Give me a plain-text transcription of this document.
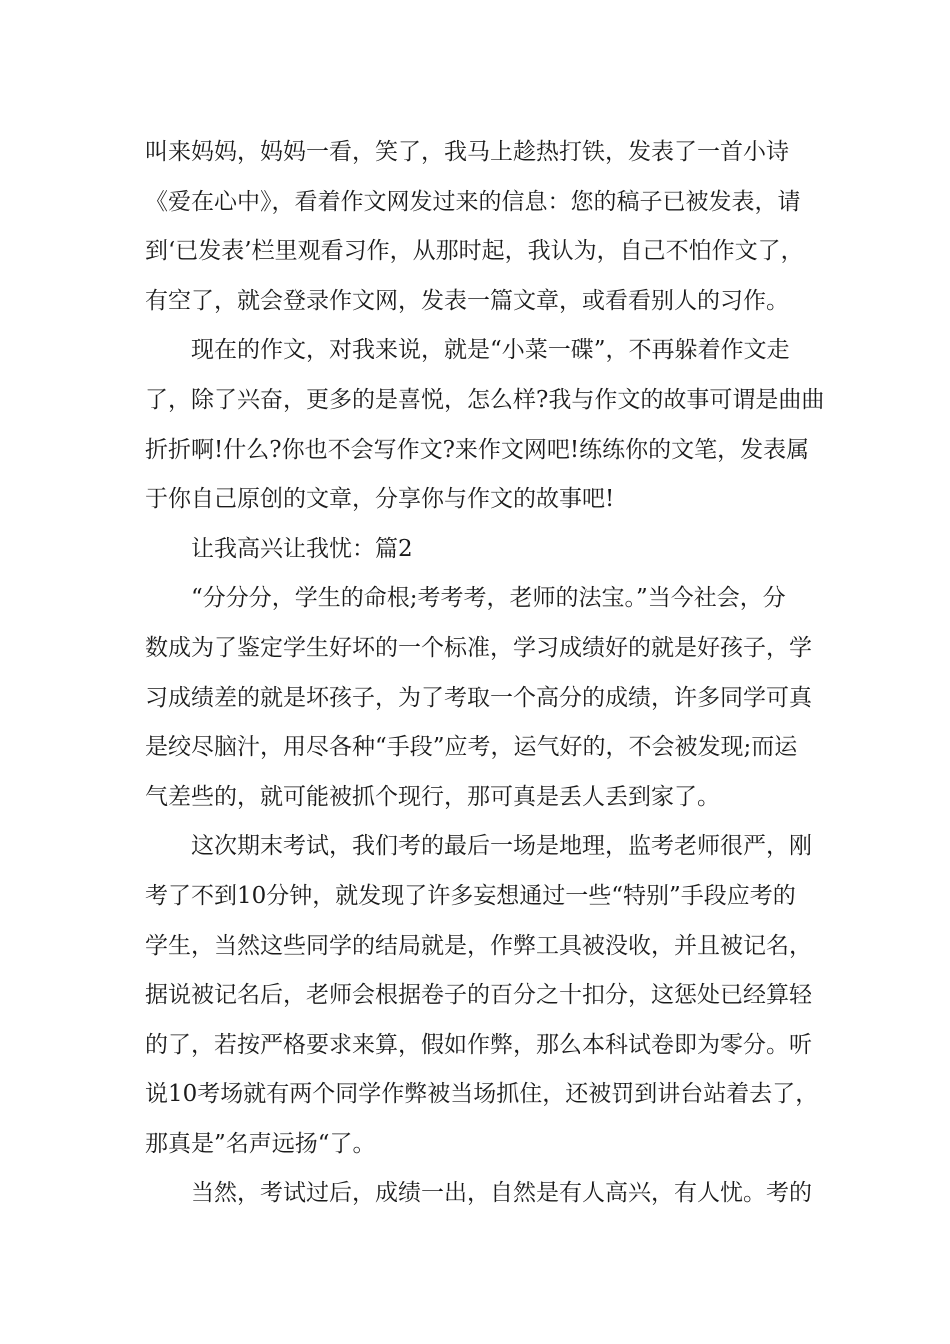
叫来妈妈，妈妈一看，笑了，我马上趁热打铁，发表了一首小诗
《爱在心中》，看着作文网发过来的信息：您的稿子已被发表，请
到‘已发表’栏里观看习作，从那时起，我认为，自己不怕作文了，
有空了，就会登录作文网，发表一篇文章，或看看别人的习作。
现在的作文，对我来说，就是“小菜一碟”，不再躲着作文走
了，除了兴奋，更多的是喜悦，怎么样?我与作文的故事可谓是曲曲
折折啊!什么?你也不会写作文?来作文网吧!练练你的文笔，发表属
于你自己原创的文章，分享你与作文的故事吧!
让我高兴让我忧：篇2
“分分分，学生的命根;考考考，老师的法宝。”当今社会，分
数成为了鉴定学生好坏的一个标准，学习成绩好的就是好孩子，学
习成绩差的就是坏孩子，为了考取一个高分的成绩，许多同学可真
是绞尽脑汁，用尽各种“手段”应考，运气好的，不会被发现;而运
气差些的，就可能被抓个现行，那可真是丢人丢到家了。
这次期末考试，我们考的最后一场是地理，监考老师很严，刚
考了不到10分钟，就发现了许多妄想通过一些“特别”手段应考的
学生，当然这些同学的结局就是，作弊工具被没收，并且被记名，
据说被记名后，老师会根据卷子的百分之十扣分，这惩处已经算轻
的了，若按严格要求来算，假如作弊，那么本科试卷即为零分。听
说10考场就有两个同学作弊被当场抓住，还被罚到讲台站着去了，
那真是”名声远扬“了。
当然，考试过后，成绩一出，自然是有人高兴，有人忧。考的
